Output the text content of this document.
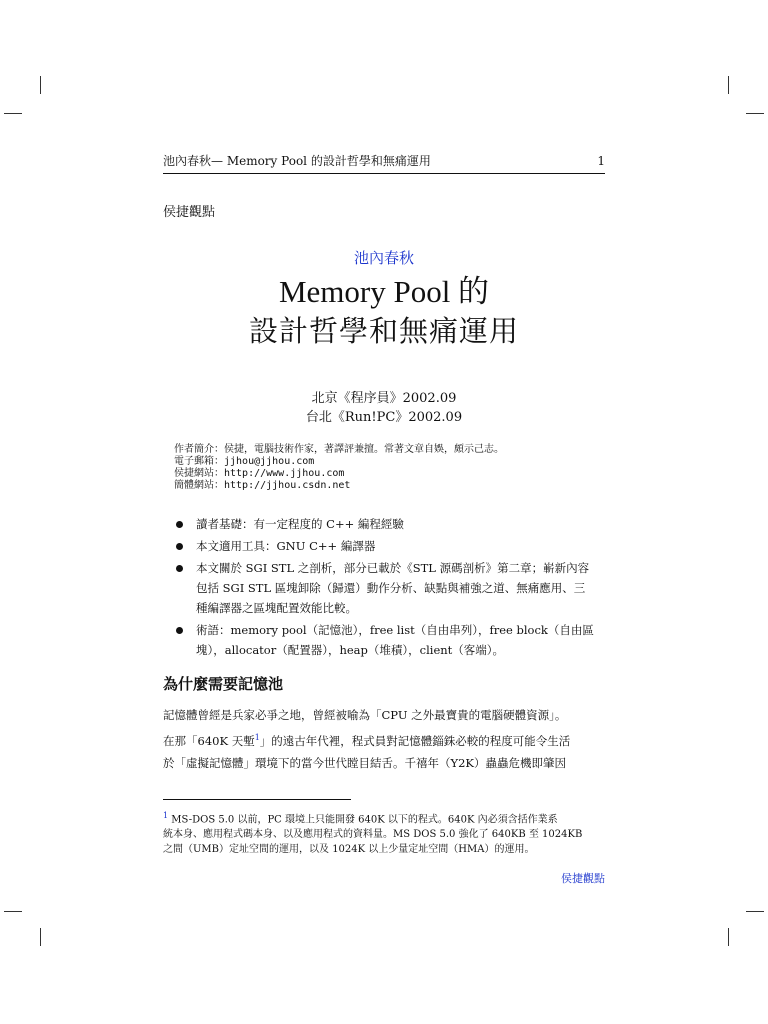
池內春秋— Memory Pool 的設計哲學和無痛運用	1
侯捷觀點
池內春秋
Memory Pool 的
設計哲學和無痛運用
北京《程序員》2002.09
台北《Run!PC》2002.09
作者簡介：侯捷，電腦技術作家，著譯評兼擅。常著文章自娛，頗示己志。
電子郵箱：jjhou@jjhou.com
侯捷網站：http://www.jjhou.com
簡體網站：http://jjhou.csdn.net
讀者基礎：有一定程度的 C++ 編程經驗
本文適用工具：GNU C++ 編譯器
本文關於 SGI STL 之剖析，部分已載於《STL 源碼剖析》第二章；嶄新內容
包括 SGI STL 區塊卸除（歸還）動作分析、缺點與補強之道、無痛應用、三
種編譯器之區塊配置效能比較。
術語：memory pool（記憶池），free list（自由串列），free block（自由區
塊），allocator（配置器），heap（堆積），client（客端）。
為什麼需要記憶池
記憶體曾經是兵家必爭之地，曾經被喻為「CPU 之外最寶貴的電腦硬體資源」。
在那「640K 天塹$^1$」的遠古年代裡，程式員對記憶體錙銖必較的程度可能令生活
於「虛擬記憶體」環境下的當今世代瞠目結舌。千禧年（Y2K）蟲蟲危機即肇因
$^1$ MS-DOS 5.0 以前，PC 環境上只能開發 640K 以下的程式。640K 內必須含括作業系
統本身、應用程式碼本身、以及應用程式的資料量。MS DOS 5.0 強化了 640KB 至 1024KB
之間（UMB）定址空間的運用，以及 1024K 以上少量定址空間（HMA）的運用。
侯捷觀點
